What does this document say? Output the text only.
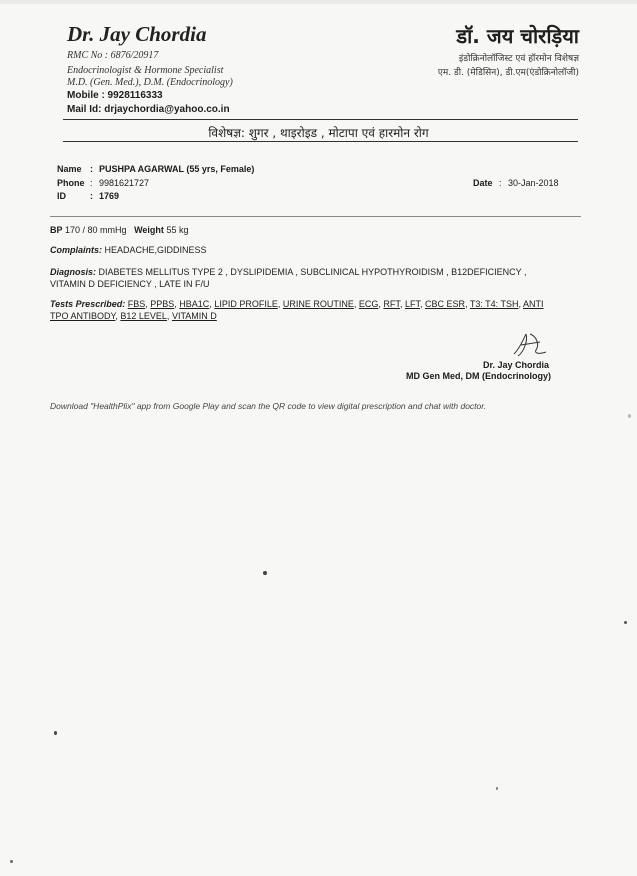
Dr. Jay Chordia
RMC No : 6876/20917
Endocrinologist & Hormone Specialist
M.D. (Gen. Med.), D.M. (Endocrinology)
Mobile : 9928116333
Mail Id: drjaychordia@yahoo.co.in
डॉ. जय चोरड़िया
इंडोक्रिनोलॉजिस्ट एवं हॉरमोन विशेषज्ञ
एम. डी. (मेडिसिन), डी.एम(एंडोक्रिनोलॉजी)
विशेषज्ञ: शुगर , थाइरोइड , मोटापा एवं हारमोन रोग
Name : PUSHPA AGARWAL (55 yrs, Female)
Phone : 9981621727
ID	: 1769
Date : 30-Jan-2018
BP 170 / 80 mmHg Weight 55 kg
Complaints: HEADACHE,GIDDINESS
Diagnosis: DIABETES MELLITUS TYPE 2 , DYSLIPIDEMIA , SUBCLINICAL HYPOTHYROIDISM , B12DEFICIENCY ,
VITAMIN D DEFICIENCY , LATE IN F/U
Tests Prescribed: FBS, PPBS, HBA1C, LIPID PROFILE, URINE ROUTINE, ECG, RFT, LFT, CBC ESR, T3: T4: TSH, ANTI
TPO ANTIBODY, B12 LEVEL, VITAMIN D
Dr. Jay Chordia
MD Gen Med, DM (Endocrinology)
Download "HealthPlix" app from Google Play and scan the QR code to view digital prescription and chat with doctor.
